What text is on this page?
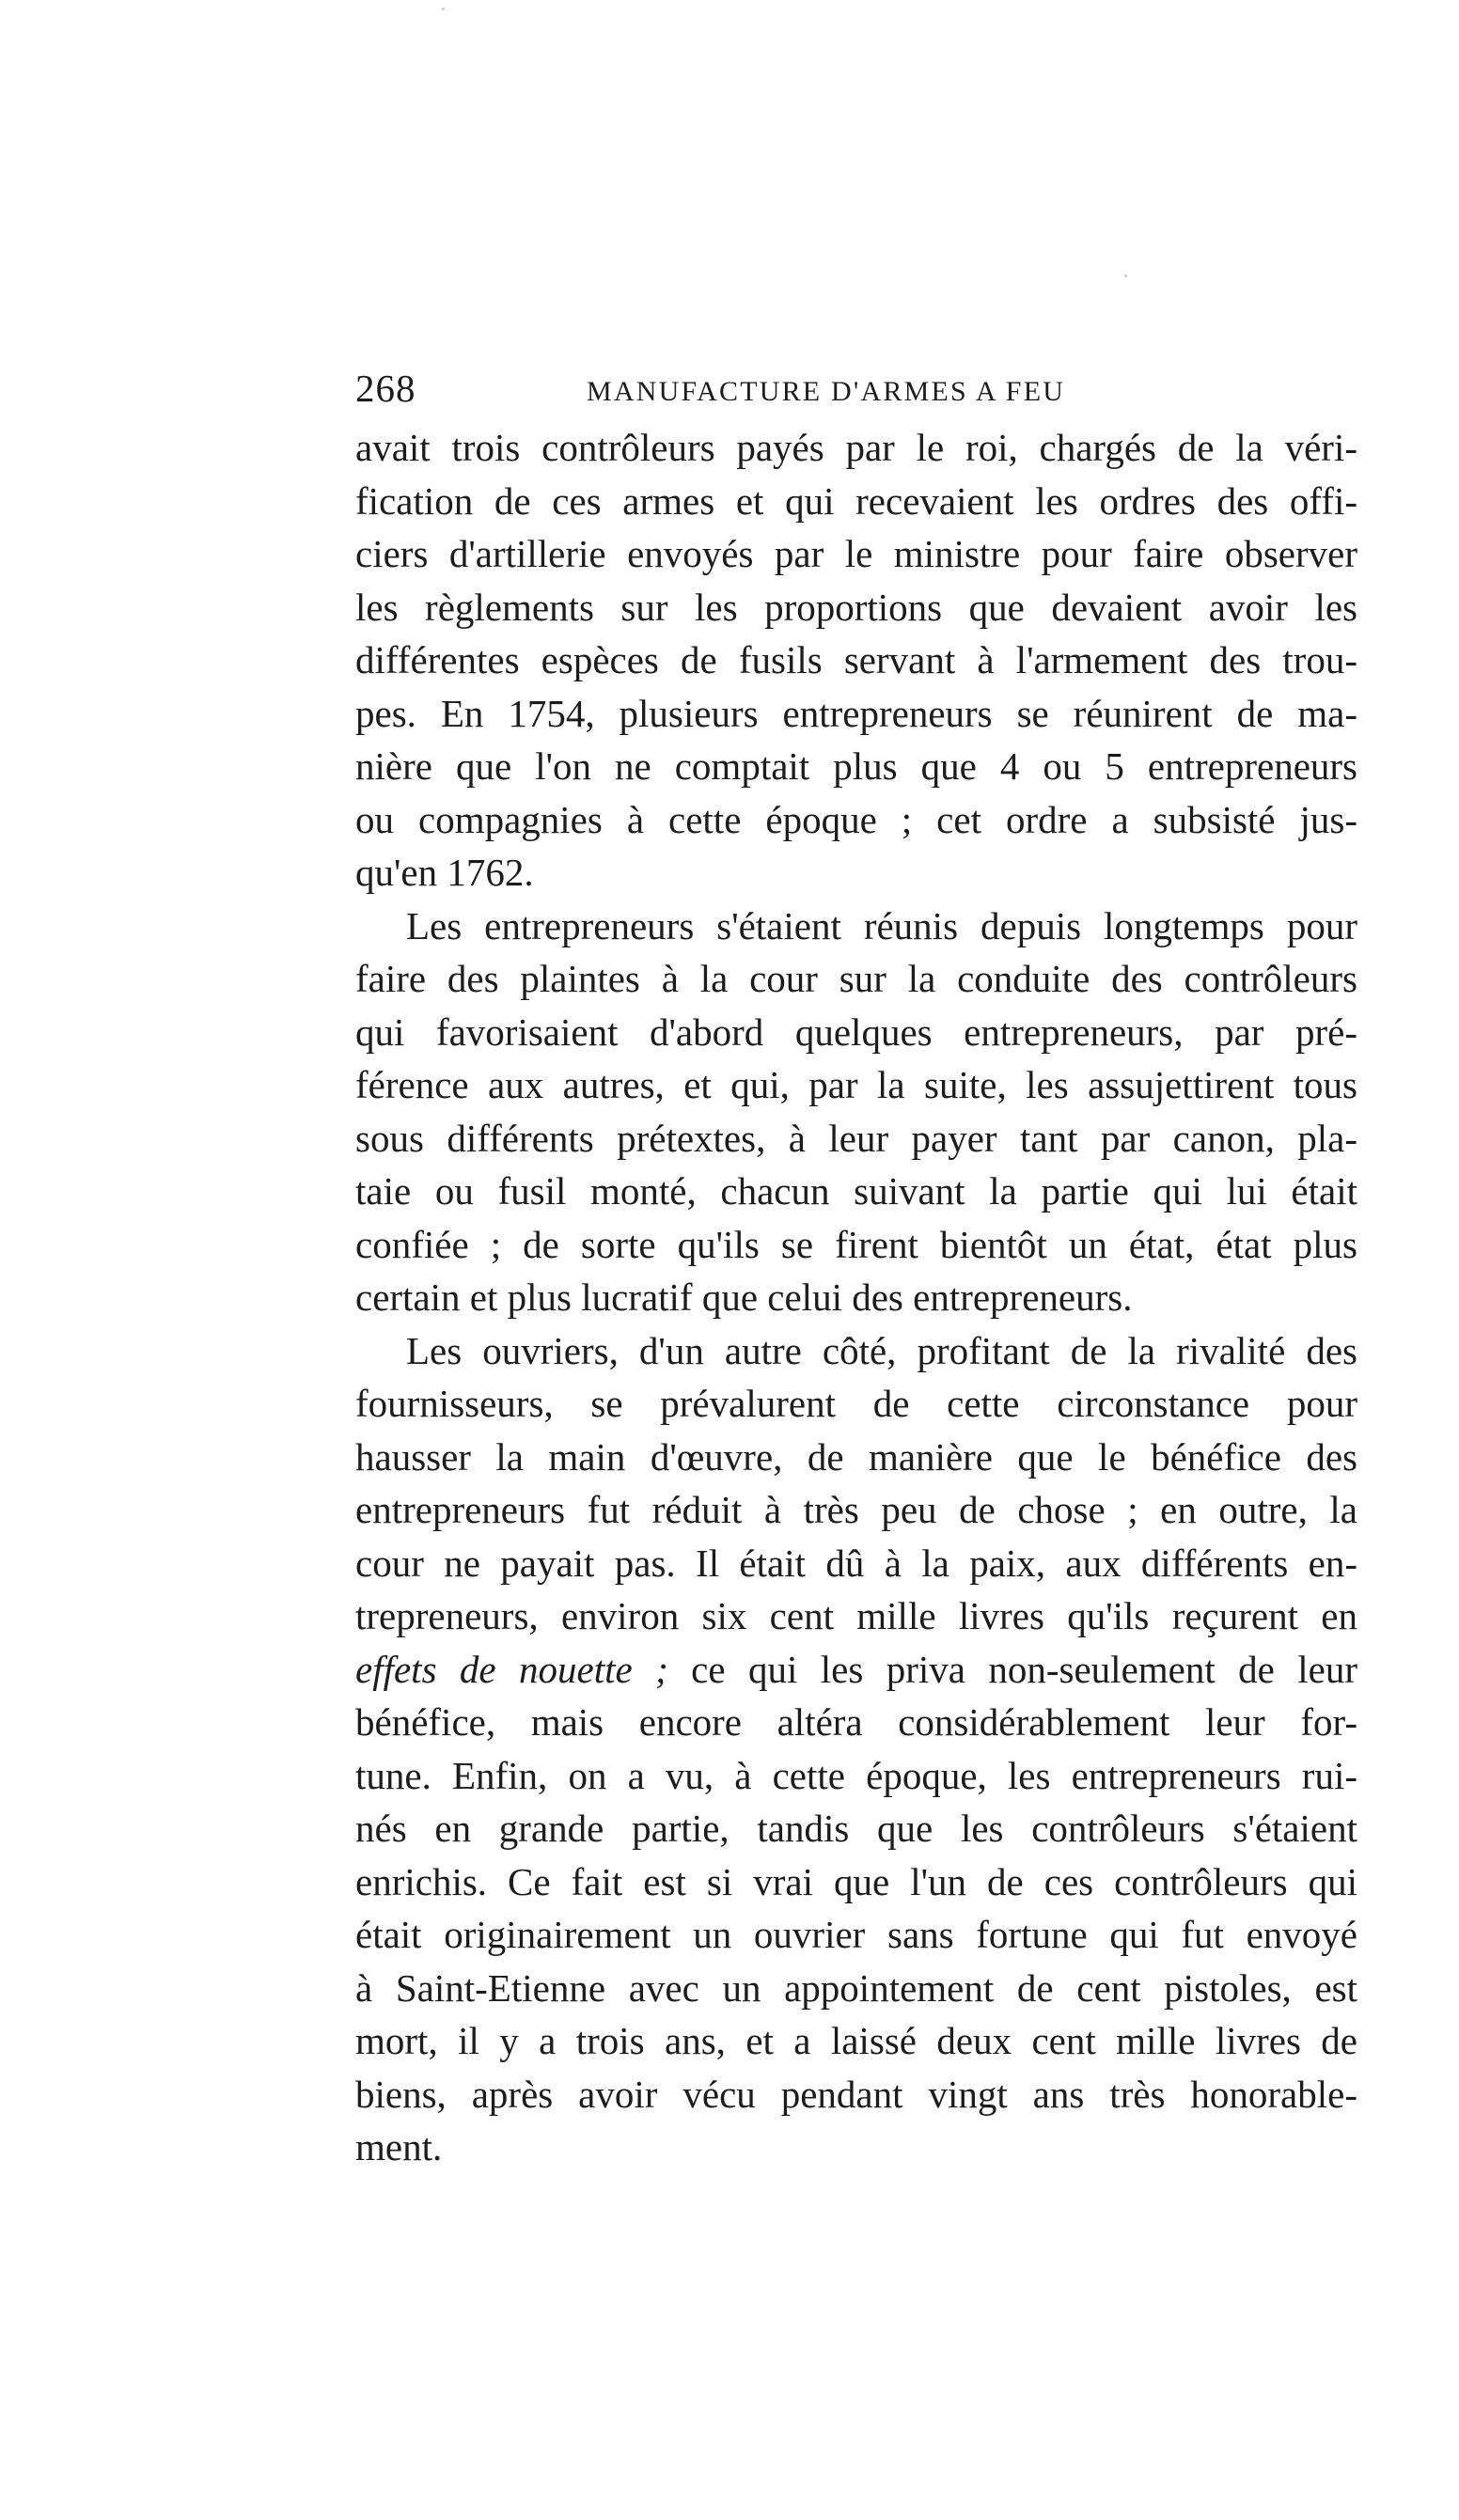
268	MANUFACTURE D'ARMES A FEU
avait trois contrôleurs payés par le roi, chargés de la véri-
fication de ces armes et qui recevaient les ordres des offi-
ciers d'artillerie envoyés par le ministre pour faire observer
les règlements sur les proportions que devaient avoir les
différentes espèces de fusils servant à l'armement des trou-
pes. En 1754, plusieurs entrepreneurs se réunirent de ma-
nière que l'on ne comptait plus que 4 ou 5 entrepreneurs
ou compagnies à cette époque ; cet ordre a subsisté jus-
qu'en 1762.
Les entrepreneurs s'étaient réunis depuis longtemps pour
faire des plaintes à la cour sur la conduite des contrôleurs
qui favorisaient d'abord quelques entrepreneurs, par pré-
férence aux autres, et qui, par la suite, les assujettirent tous
sous différents prétextes, à leur payer tant par canon, pla-
taie ou fusil monté, chacun suivant la partie qui lui était
confiée ; de sorte qu'ils se firent bientôt un état, état plus
certain et plus lucratif que celui des entrepreneurs.
Les ouvriers, d'un autre côté, profitant de la rivalité des
fournisseurs, se prévalurent de cette circonstance pour
hausser la main d'œuvre, de manière que le bénéfice des
entrepreneurs fut réduit à très peu de chose ; en outre, la
cour ne payait pas. Il était dû à la paix, aux différents en-
trepreneurs, environ six cent mille livres qu'ils reçurent en
effets de nouette ; ce qui les priva non-seulement de leur
bénéfice, mais encore altéra considérablement leur for-
tune. Enfin, on a vu, à cette époque, les entrepreneurs rui-
nés en grande partie, tandis que les contrôleurs s'étaient
enrichis. Ce fait est si vrai que l'un de ces contrôleurs qui
était originairement un ouvrier sans fortune qui fut envoyé
à Saint-Etienne avec un appointement de cent pistoles, est
mort, il y a trois ans, et a laissé deux cent mille livres de
biens, après avoir vécu pendant vingt ans très honorable-
ment.
